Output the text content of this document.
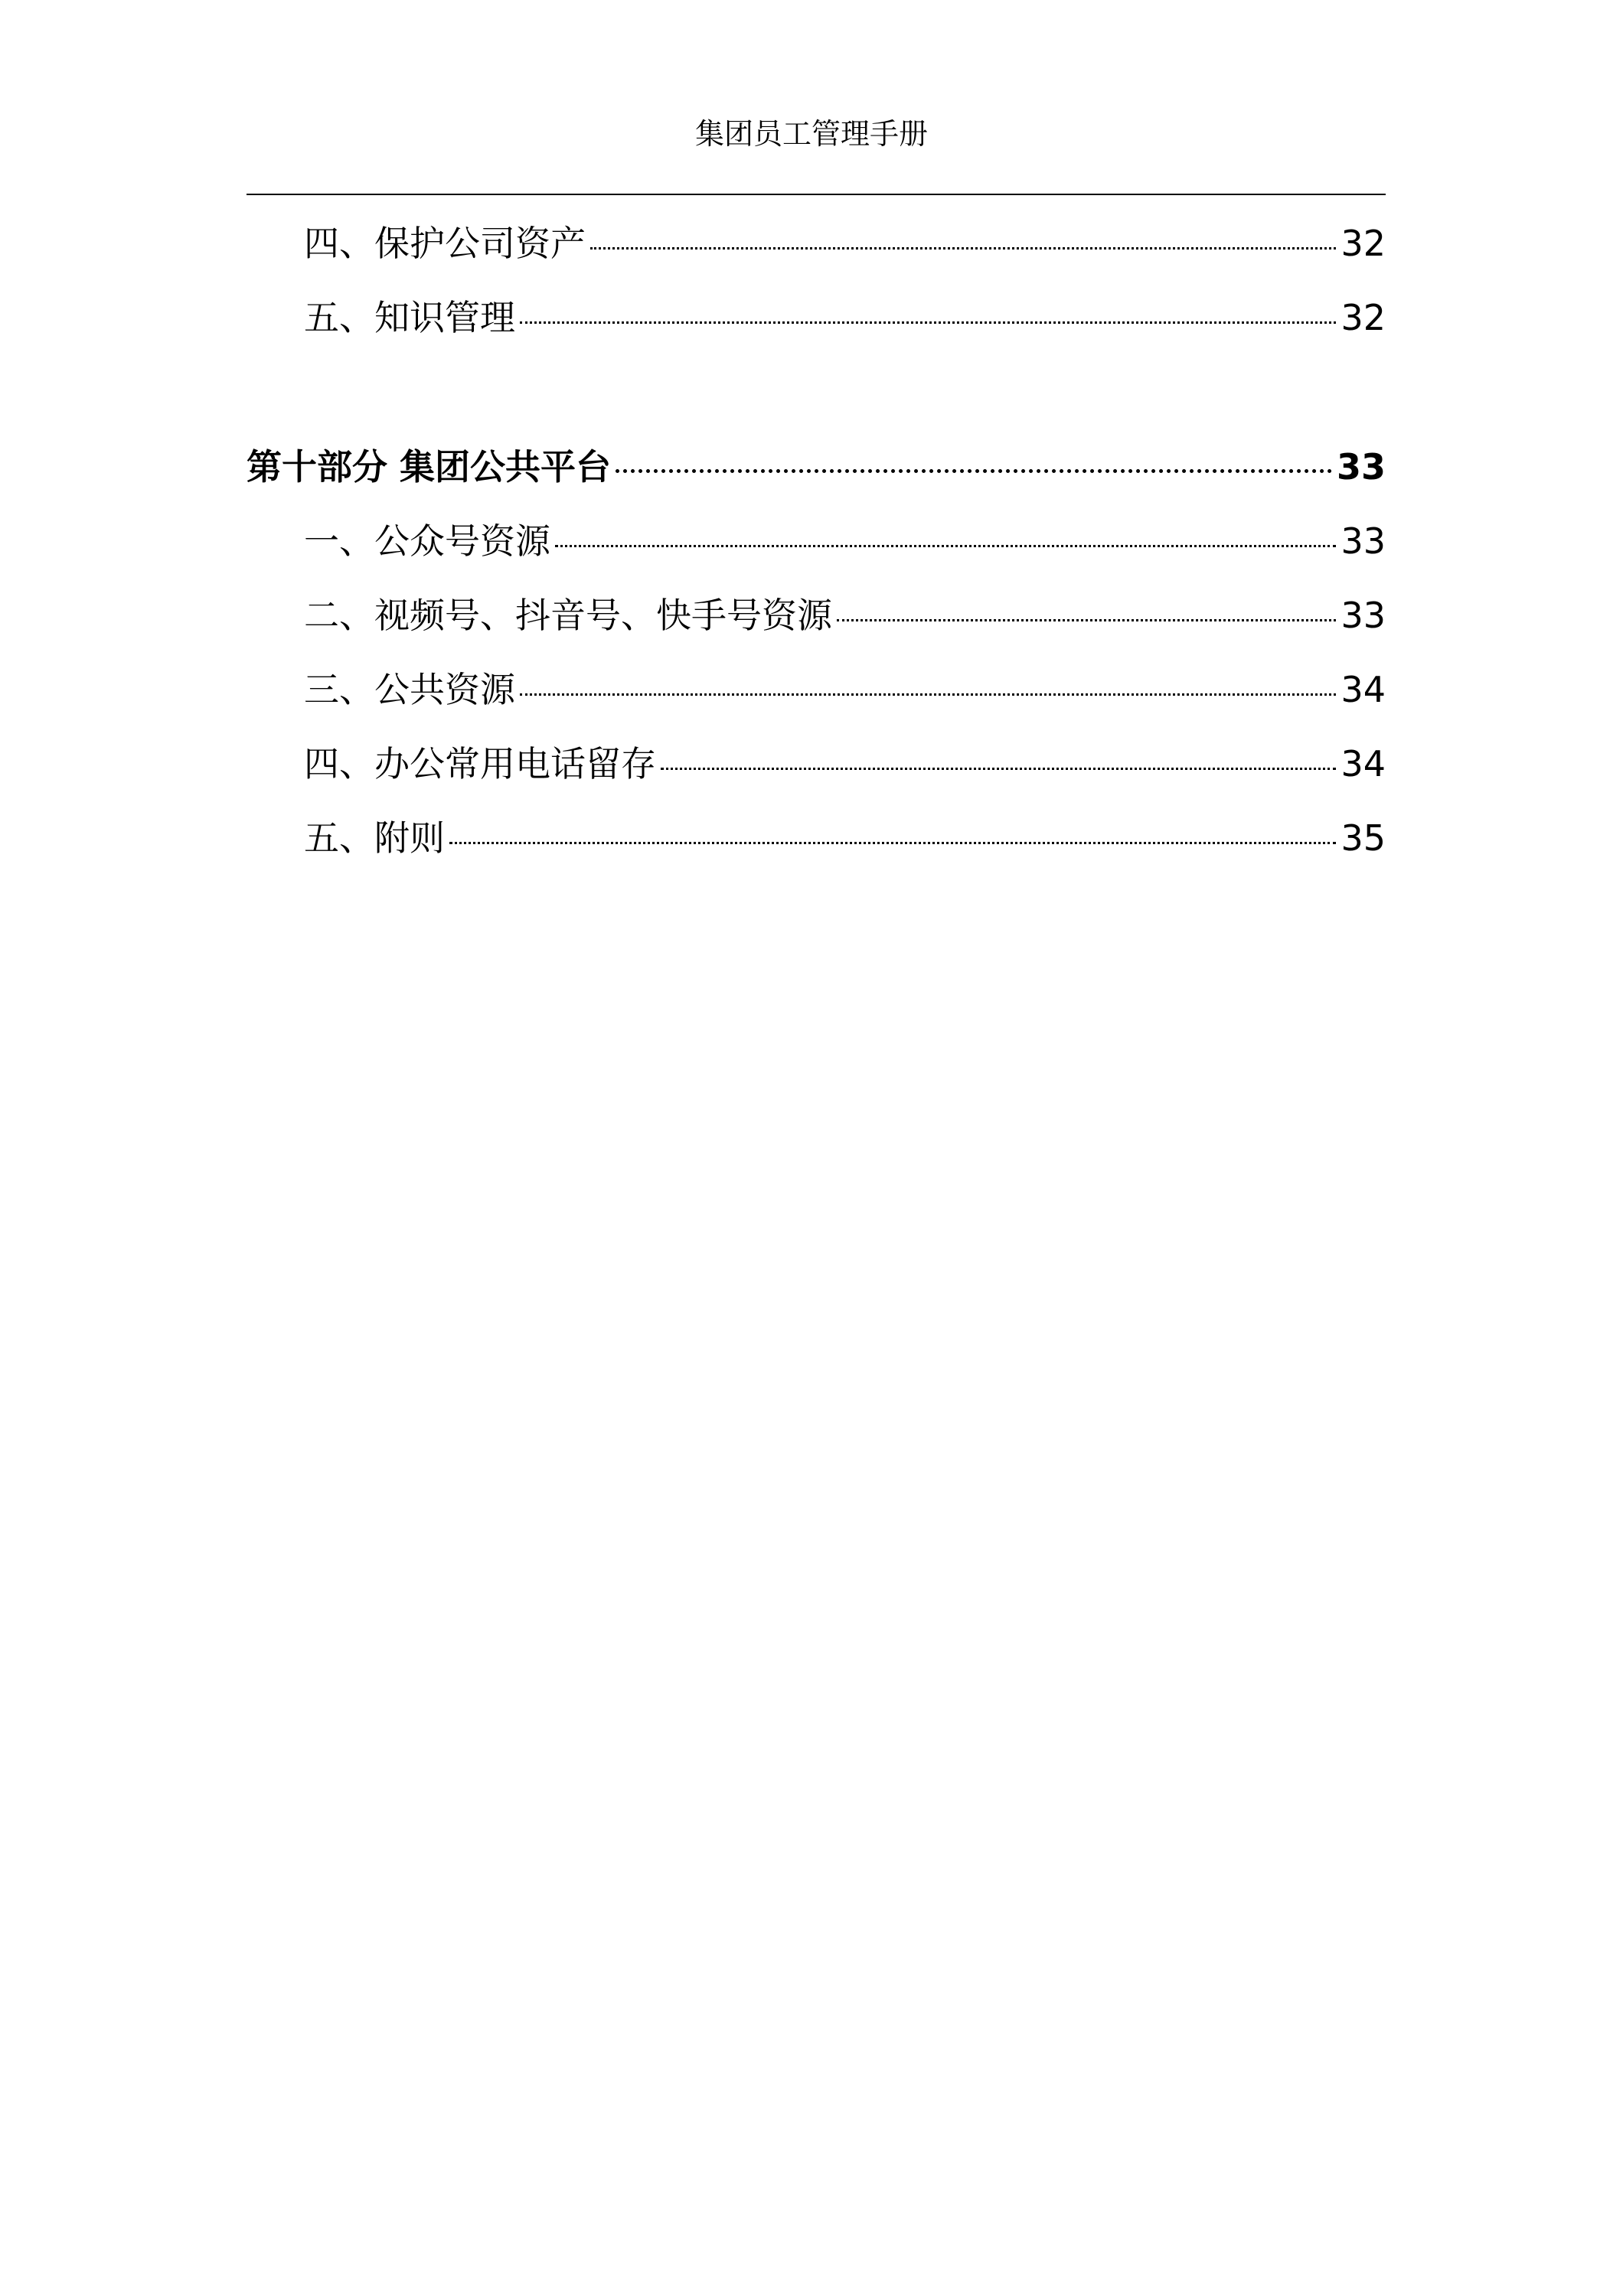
集团员工管理手册
四、保护公司资产	32
五、知识管理	32
第十部分 集团公共平台	33
一、公众号资源	33
二、视频号、抖音号、快手号资源	33
三、公共资源	34
四、办公常用电话留存	34
五、附则	35
